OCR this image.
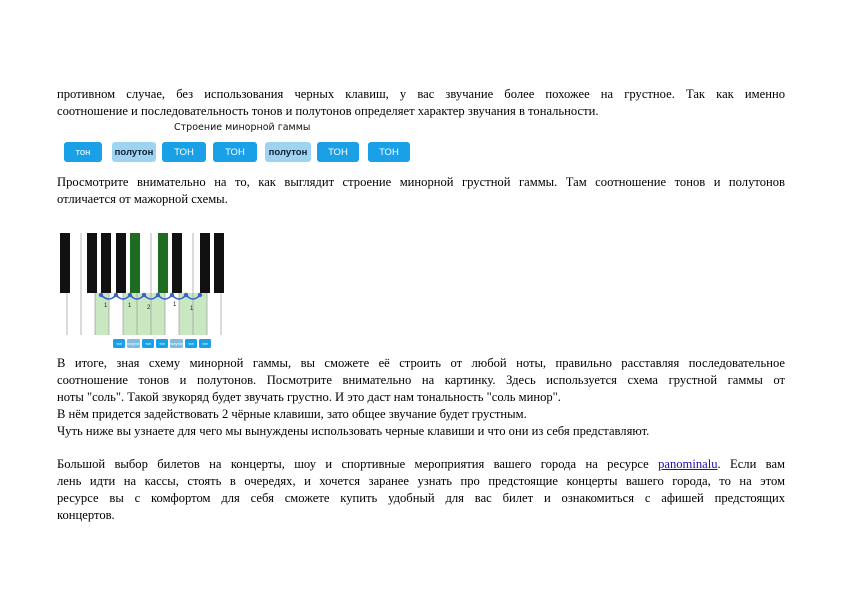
противном случае, без использования черных клавиш, у вас звучание более похожее на грустное. Так как именно
соотношение и последовательность тонов и полутонов определяет характер звучания в тональности.
Строение минорной гаммы
тон	полутон	ТОН	ТОН	полутон	ТОН	ТОН
Просмотрите внимательно на то, как выглядит строение минорной грустной гаммы. Там соотношение тонов и полутонов
отличается от мажорной схемы.
1	1	2	1
1
тон полутон тон тон полутон тон тон
В итоге, зная схему минорной гаммы, вы сможете её строить от любой ноты, правильно расставляя последовательное
соотношение тонов и полутонов. Посмотрите внимательно на картинку. Здесь используется схема грустной гаммы от
ноты "соль". Такой звукоряд будет звучать грустно. И это даст нам тональность "соль минор".
В нём придется задействовать 2 чёрные клавиши, зато общее звучание будет грустным.
Чуть ниже вы узнаете для чего мы вынуждены использовать черные клавиши и что они из себя представляют.
Большой выбор билетов на концерты, шоу и спортивные мероприятия вашего города на ресурсе panominalu. Если вам
лень идти на кассы, стоять в очередях, и хочется заранее узнать про предстоящие концерты вашего города, то на этом
ресурсе вы с комфортом для себя сможете купить удобный для вас билет и ознакомиться с афишей предстоящих
концертов.
